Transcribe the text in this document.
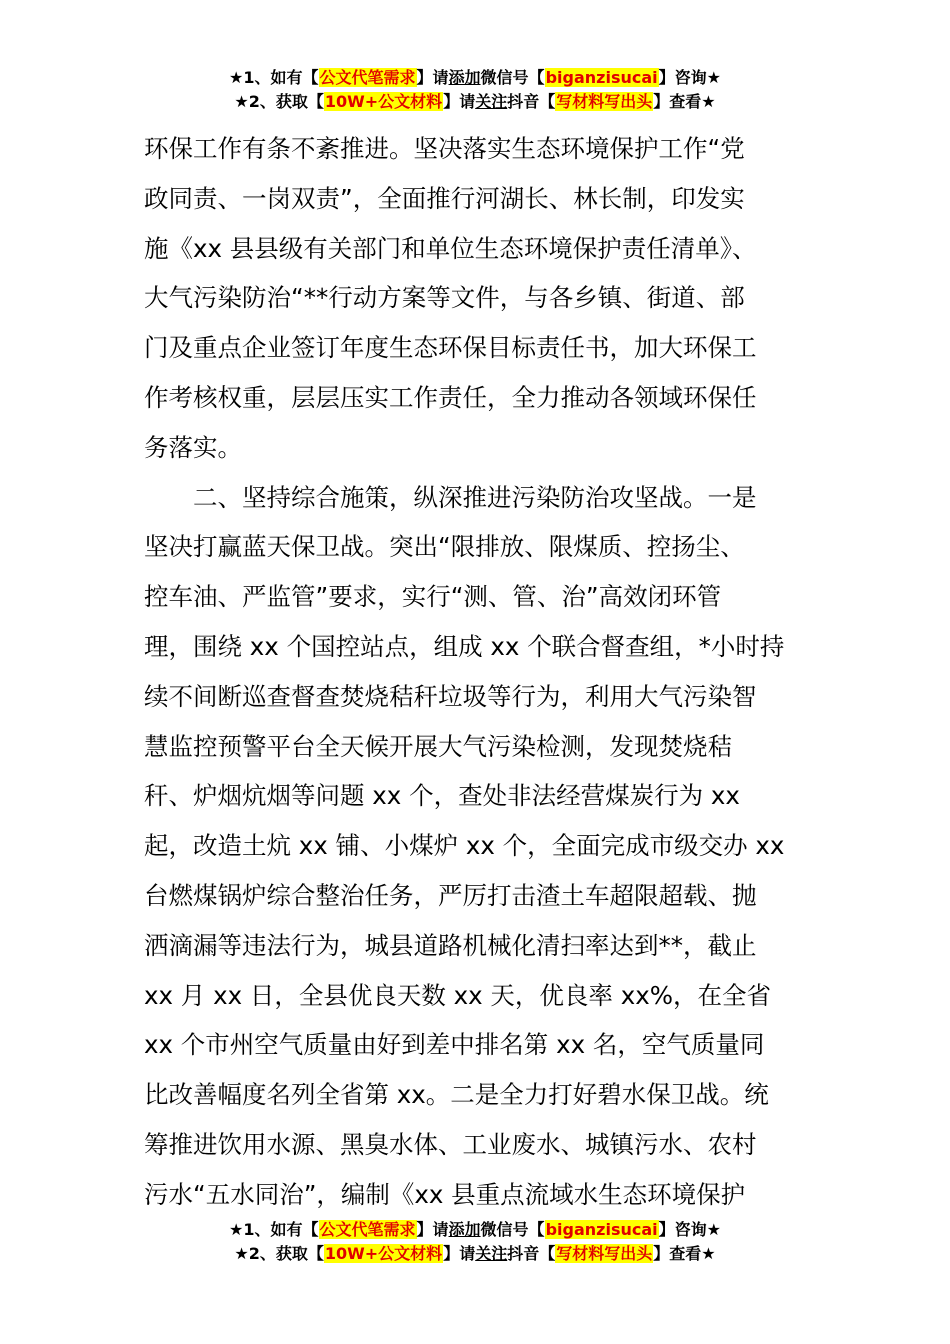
★1、如有【公文代笔需求】请添加微信号【biganzisucai】咨询★
★2、获取【10W+公文材料】请关注抖音【写材料写出头】查看★

环保工作有条不紊推进。坚决落实生态环境保护工作“党

政同责、一岗双责”，全面推行河湖长、林长制，印发实

施《xx 县县级有关部门和单位生态环境保护责任清单》、

大气污染防治“**行动方案等文件，与各乡镇、街道、部

门及重点企业签订年度生态环保目标责任书，加大环保工

作考核权重，层层压实工作责任，全力推动各领域环保任

务落实。

二、坚持综合施策，纵深推进污染防治攻坚战。一是

坚决打赢蓝天保卫战。突出“限排放、限煤质、控扬尘、

控车油、严监管”要求，实行“测、管、治”高效闭环管

理，围绕 xx 个国控站点，组成 xx 个联合督查组，*小时持

续不间断巡查督查焚烧秸秆垃圾等行为，利用大气污染智

慧监控预警平台全天候开展大气污染检测，发现焚烧秸

秆、炉烟炕烟等问题 xx 个，查处非法经营煤炭行为 xx

起，改造土炕 xx 铺、小煤炉 xx 个，全面完成市级交办 xx

台燃煤锅炉综合整治任务，严厉打击渣土车超限超载、抛

洒滴漏等违法行为，城县道路机械化清扫率达到**，截止

xx 月 xx 日，全县优良天数 xx 天，优良率 xx%，在全省

xx 个市州空气质量由好到差中排名第 xx 名，空气质量同

比改善幅度名列全省第 xx。二是全力打好碧水保卫战。统

筹推进饮用水源、黑臭水体、工业废水、城镇污水、农村

污水“五水同治”，编制《xx 县重点流域水生态环境保护

★1、如有【公文代笔需求】请添加微信号【biganzisucai】咨询★
★2、获取【10W+公文材料】请关注抖音【写材料写出头】查看★
